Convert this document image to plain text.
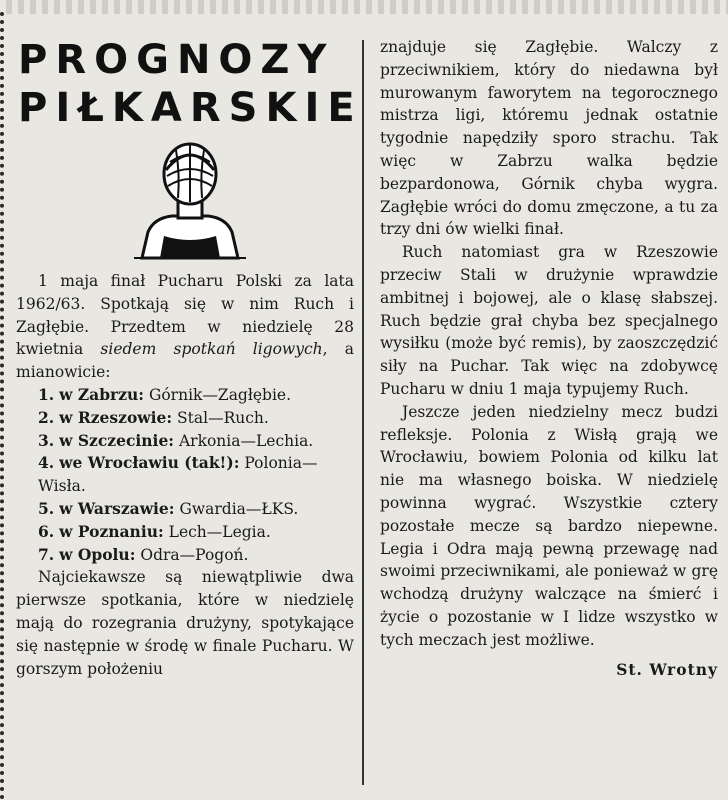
PROGNOZY
PIŁKARSKIE

1 maja finał Pucharu Polski za lata 1962/63. Spotkają się w nim Ruch i Zagłębie. Przedtem w niedzielę 28 kwietnia siedem spotkań ligowych, a mianowicie:

1. w Zabrzu: Górnik—Zagłębie.
2. w Rzeszowie: Stal—Ruch.
3. w Szczecinie: Arkonia—Lechia.
4. we Wrocławiu (tak!): Polonia—Wisła.
5. w Warszawie: Gwardia—ŁKS.
6. w Poznaniu: Lech—Legia.
7. w Opolu: Odra—Pogoń.

Najciekawsze są niewątpliwie dwa pierwsze spotkania, które w niedzielę mają do rozegrania drużyny, spotykające się następnie w środę w finale Pucharu. W gorszym położeniu

znajduje się Zagłębie. Walczy z przeciwnikiem, który do niedawna był murowanym faworytem na tegorocznego mistrza ligi, któremu jednak ostatnie tygodnie napędziły sporo strachu. Tak więc w Zabrzu walka będzie bezpardonowa, Górnik chyba wygra. Zagłębie wróci do domu zmęczone, a tu za trzy dni ów wielki finał.

Ruch natomiast gra w Rzeszowie przeciw Stali w drużynie wprawdzie ambitnej i bojowej, ale o klasę słabszej. Ruch będzie grał chyba bez specjalnego wysiłku (może być remis), by zaoszczędzić siły na Puchar. Tak więc na zdobywcę Pucharu w dniu 1 maja typujemy Ruch.

Jeszcze jeden niedzielny mecz budzi refleksje. Polonia z Wisłą grają we Wrocławiu, bowiem Polonia od kilku lat nie ma własnego boiska. W niedzielę powinna wygrać. Wszystkie cztery pozostałe mecze są bardzo niepewne. Legia i Odra mają pewną przewagę nad swoimi przeciwnikami, ale ponieważ w grę wchodzą drużyny walczące na śmierć i życie o pozostanie w I lidze wszystko w tych meczach jest możliwe.

St. Wrotny
